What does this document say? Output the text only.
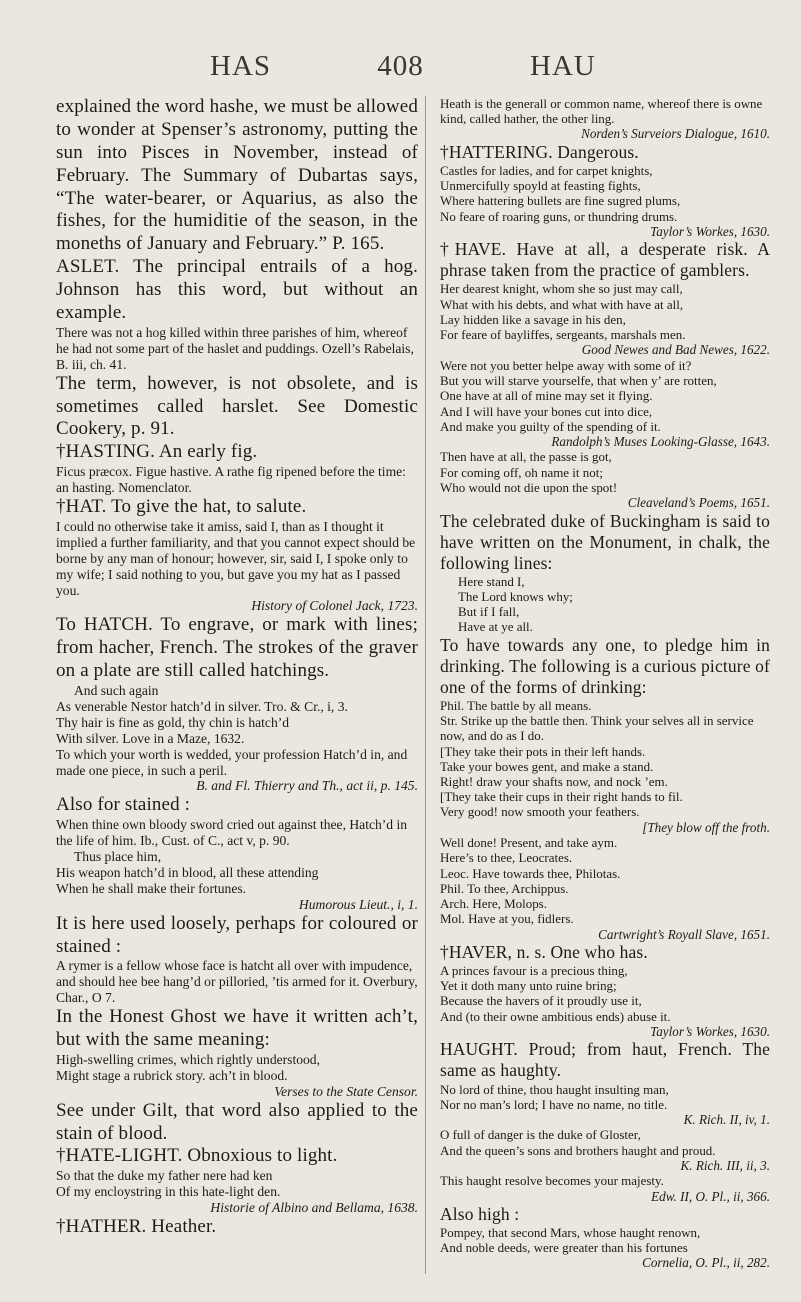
HAS	408	HAU

explained the word hashe, we must be allowed to wonder at Spenser’s astronomy, putting the sun into Pisces in November, instead of February. The Summary of Dubartas says, “The water-bearer, or Aquarius, as also the fishes, for the humiditie of the season, in the moneths of January and February.” P. 165.

ASLET. The principal entrails of a hog. Johnson has this word, but without an example.

There was not a hog killed within three parishes of him, whereof he had not some part of the haslet and puddings. Ozell’s Rabelais, B. iii, ch. 41.

The term, however, is not obsolete, and is sometimes called harslet. See Domestic Cookery, p. 91.

†HASTING. An early fig.

Ficus præcox. Figue hastive. A rathe fig ripened before the time: an hasting. Nomenclator.

†HAT. To give the hat, to salute.

I could no otherwise take it amiss, said I, than as I thought it implied a further familiarity, and that you cannot expect should be borne by any man of honour; however, sir, said I, I spoke only to my wife; I said nothing to you, but gave you my hat as I passed you.

History of Colonel Jack, 1723.

To HATCH. To engrave, or mark with lines; from hacher, French. The strokes of the graver on a plate are still called hatchings.

And such again

As venerable Nestor hatch’d in silver. Tro. & Cr., i, 3.

Thy hair is fine as gold, thy chin is hatch’d

With silver. Love in a Maze, 1632.

To which your worth is wedded, your profession Hatch’d in, and made one piece, in such a peril.

B. and Fl. Thierry and Th., act ii, p. 145.

Also for stained :

When thine own bloody sword cried out against thee, Hatch’d in the life of him. Ib., Cust. of C., act v, p. 90.

Thus place him,

His weapon hatch’d in blood, all these attending

When he shall make their fortunes.

Humorous Lieut., i, 1.

It is here used loosely, perhaps for coloured or stained :

A rymer is a fellow whose face is hatcht all over with impudence, and should hee bee hang’d or pilloried, ’tis armed for it. Overbury, Char., O 7.

In the Honest Ghost we have it written ach’t, but with the same meaning:

High-swelling crimes, which rightly understood,

Might stage a rubrick story. ach’t in blood.

Verses to the State Censor.

See under Gilt, that word also applied to the stain of blood.

†HATE-LIGHT. Obnoxious to light.

So that the duke my father nere had ken

Of my encloystring in this hate-light den.

Historie of Albino and Bellama, 1638.

†HATHER. Heather.

Heath is the generall or common name, whereof there is owne kind, called hather, the other ling.

Norden’s Surveiors Dialogue, 1610.

†HATTERING. Dangerous.

Castles for ladies, and for carpet knights,

Unmercifully spoyld at feasting fights,

Where hattering bullets are fine sugred plums,

No feare of roaring guns, or thundring drums.

Taylor’s Workes, 1630.

†HAVE. Have at all, a desperate risk. A phrase taken from the practice of gamblers.

Her dearest knight, whom she so just may call,

What with his debts, and what with have at all,

Lay hidden like a savage in his den,

For feare of bayliffes, sergeants, marshals men.

Good Newes and Bad Newes, 1622.

Were not you better helpe away with some of it?

But you will starve yourselfe, that when y’ are rotten,

One have at all of mine may set it flying.

And I will have your bones cut into dice,

And make you guilty of the spending of it.

Randolph’s Muses Looking-Glasse, 1643.

Then have at all, the passe is got,

For coming off, oh name it not;

Who would not die upon the spot!

Cleaveland’s Poems, 1651.

The celebrated duke of Buckingham is said to have written on the Monument, in chalk, the following lines:

Here stand I,

The Lord knows why;

But if I fall,

Have at ye all.

To have towards any one, to pledge him in drinking. The following is a curious picture of one of the forms of drinking:

Phil. The battle by all means.

Str. Strike up the battle then. Think your selves all in service now, and do as I do.

[They take their pots in their left hands.

Take your bowes gent, and make a stand.

Right! draw your shafts now, and nock ’em.

[They take their cups in their right hands to fil.

Very good! now smooth your feathers.

[They blow off the froth.

Well done! Present, and take aym.

Here’s to thee, Leocrates.

Leoc. Have towards thee, Philotas.

Phil. To thee, Archippus.

Arch. Here, Molops.

Mol. Have at you, fidlers.

Cartwright’s Royall Slave, 1651.

†HAVER, n. s. One who has.

A princes favour is a precious thing,

Yet it doth many unto ruine bring;

Because the havers of it proudly use it,

And (to their owne ambitious ends) abuse it.

Taylor’s Workes, 1630.

HAUGHT. Proud; from haut, French. The same as haughty.

No lord of thine, thou haught insulting man,

Nor no man’s lord; I have no name, no title.

K. Rich. II, iv, 1.

O full of danger is the duke of Gloster,

And the queen’s sons and brothers haught and proud.

K. Rich. III, ii, 3.

This haught resolve becomes your majesty.

Edw. II, O. Pl., ii, 366.

Also high :

Pompey, that second Mars, whose haught renown,

And noble deeds, were greater than his fortunes

Cornelia, O. Pl., ii, 282.
